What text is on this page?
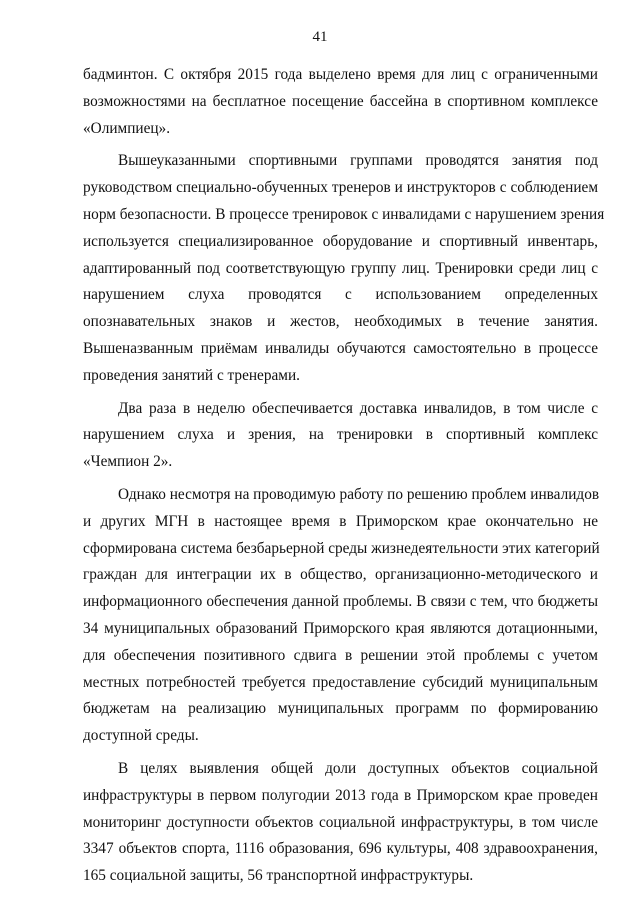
41
бадминтон. С октября 2015 года выделено время для лиц с ограниченными
возможностями на бесплатное посещение бассейна в спортивном комплексе
«Олимпиец».
Вышеуказанными спортивными группами проводятся занятия под
руководством специально-обученных тренеров и инструкторов с соблюдением
норм безопасности. В процессе тренировок с инвалидами с нарушением зрения
используется специализированное оборудование и спортивный инвентарь,
адаптированный под соответствующую группу лиц. Тренировки среди лиц с
нарушением слуха проводятся с использованием определенных
опознавательных знаков и жестов, необходимых в течение занятия.
Вышеназванным приёмам инвалиды обучаются самостоятельно в процессе
проведения занятий с тренерами.
Два раза в неделю обеспечивается доставка инвалидов, в том числе с
нарушением слуха и зрения, на тренировки в спортивный комплекс
«Чемпион 2».
Однако несмотря на проводимую работу по решению проблем инвалидов
и других МГН в настоящее время в Приморском крае окончательно не
сформирована система безбарьерной среды жизнедеятельности этих категорий
граждан для интеграции их в общество, организационно-методического и
информационного обеспечения данной проблемы. В связи с тем, что бюджеты
34 муниципальных образований Приморского края являются дотационными,
для обеспечения позитивного сдвига в решении этой проблемы с учетом
местных потребностей требуется предоставление субсидий муниципальным
бюджетам на реализацию муниципальных программ по формированию
доступной среды.
В целях выявления общей доли доступных объектов социальной
инфраструктуры в первом полугодии 2013 года в Приморском крае проведен
мониторинг доступности объектов социальной инфраструктуры, в том числе
3347 объектов спорта, 1116 образования, 696 культуры, 408 здравоохранения,
165 социальной защиты, 56 транспортной инфраструктуры.
